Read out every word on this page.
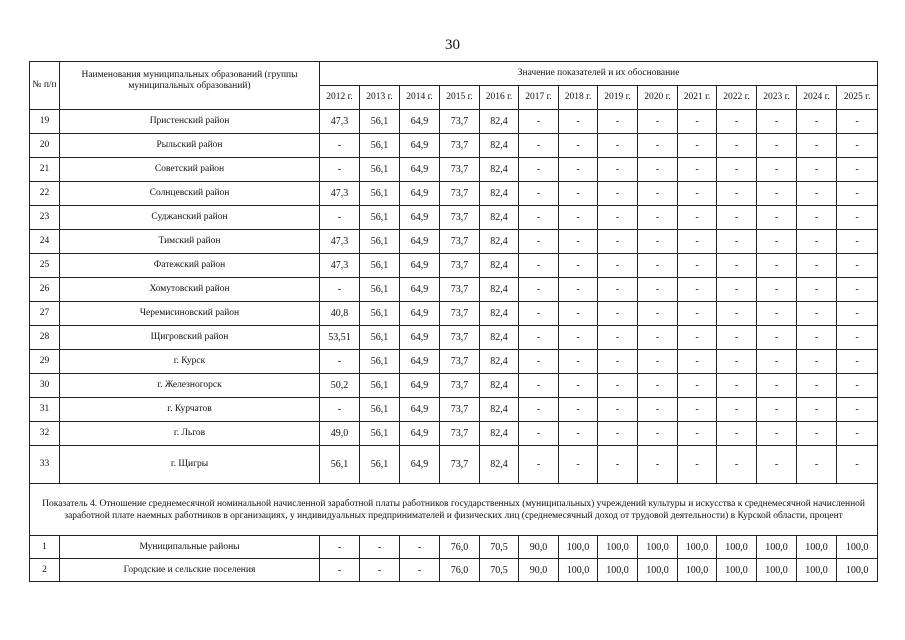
30
№ п/п	Наименования муниципальных образований (группы муниципальных образований)	Значение показателей и их обоснование													
		2012 г.	2013 г.	2014 г.	2015 г.	2016 г.	2017 г.	2018 г.	2019 г.	2020 г.	2021 г.	2022 г.	2023 г.	2024 г.	2025 г.
19	Пристенский район	47,3	56,1	64,9	73,7	82,4	-	-	-	-	-	-	-	-	-
20	Рыльский район	-	56,1	64,9	73,7	82,4	-	-	-	-	-	-	-	-	-
21	Советский район	-	56,1	64,9	73,7	82,4	-	-	-	-	-	-	-	-	-
22	Солнцевский район	47,3	56,1	64,9	73,7	82,4	-	-	-	-	-	-	-	-	-
23	Суджанский район	-	56,1	64,9	73,7	82,4	-	-	-	-	-	-	-	-	-
24	Тимский район	47,3	56,1	64,9	73,7	82,4	-	-	-	-	-	-	-	-	-
25	Фатежский район	47,3	56,1	64,9	73,7	82,4	-	-	-	-	-	-	-	-	-
26	Хомутовский район	-	56,1	64,9	73,7	82,4	-	-	-	-	-	-	-	-	-
27	Черемисиновский район	40,8	56,1	64,9	73,7	82,4	-	-	-	-	-	-	-	-	-
28	Щигровский район	53,51	56,1	64,9	73,7	82,4	-	-	-	-	-	-	-	-	-
29	г. Курск	-	56,1	64,9	73,7	82,4	-	-	-	-	-	-	-	-	-
30	г. Железногорск	50,2	56,1	64,9	73,7	82,4	-	-	-	-	-	-	-	-	-
31	г. Курчатов	-	56,1	64,9	73,7	82,4	-	-	-	-	-	-	-	-	-
32	г. Льгов	49,0	56,1	64,9	73,7	82,4	-	-	-	-	-	-	-	-	-
33	г. Щигры	56,1	56,1	64,9	73,7	82,4	-	-	-	-	-	-	-	-	-
Показатель 4. Отношение среднемесячной номинальной начисленной заработной платы работников государственных (муниципальных) учреждений культуры и искусства к среднемесячной начисленной заработной плате наемных работников в организациях, у индивидуальных предпринимателей и физических лиц (среднемесячный доход от трудовой деятельности) в Курской области, процент															
1	Муниципальные районы	-	-	-	76,0	70,5	90,0	100,0	100,0	100,0	100,0	100,0	100,0	100,0	100,0
2	Городские и сельские поселения	-	-	-	76,0	70,5	90,0	100,0	100,0	100,0	100,0	100,0	100,0	100,0	100,0
